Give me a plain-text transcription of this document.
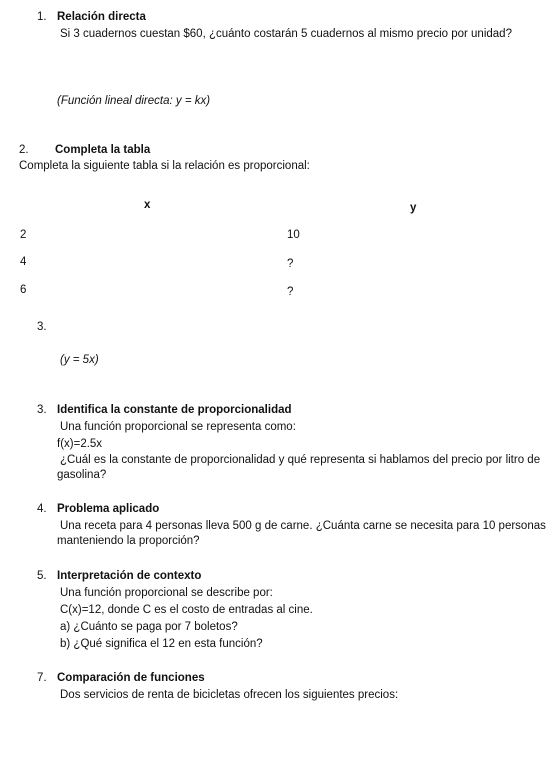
1. Relación directa
Si 3 cuadernos cuestan $60, ¿cuánto costarán 5 cuadernos al mismo precio por unidad?
(Función lineal directa: y = kx)
2. Completa la tabla
Completa la siguiente tabla si la relación es proporcional:
x	y
2	10
4	?
6	?
3.
(y = 5x)
3. Identifica la constante de proporcionalidad
Una función proporcional se representa como:
f(x)=2.5x
¿Cuál es la constante de proporcionalidad y qué representa si hablamos del precio por litro de gasolina?
4. Problema aplicado
Una receta para 4 personas lleva 500 g de carne. ¿Cuánta carne se necesita para 10 personas manteniendo la proporción?
5. Interpretación de contexto
Una función proporcional se describe por:
C(x)=12, donde C es el costo de entradas al cine.
a) ¿Cuánto se paga por 7 boletos?
b) ¿Qué significa el 12 en esta función?
7. Comparación de funciones
Dos servicios de renta de bicicletas ofrecen los siguientes precios:
